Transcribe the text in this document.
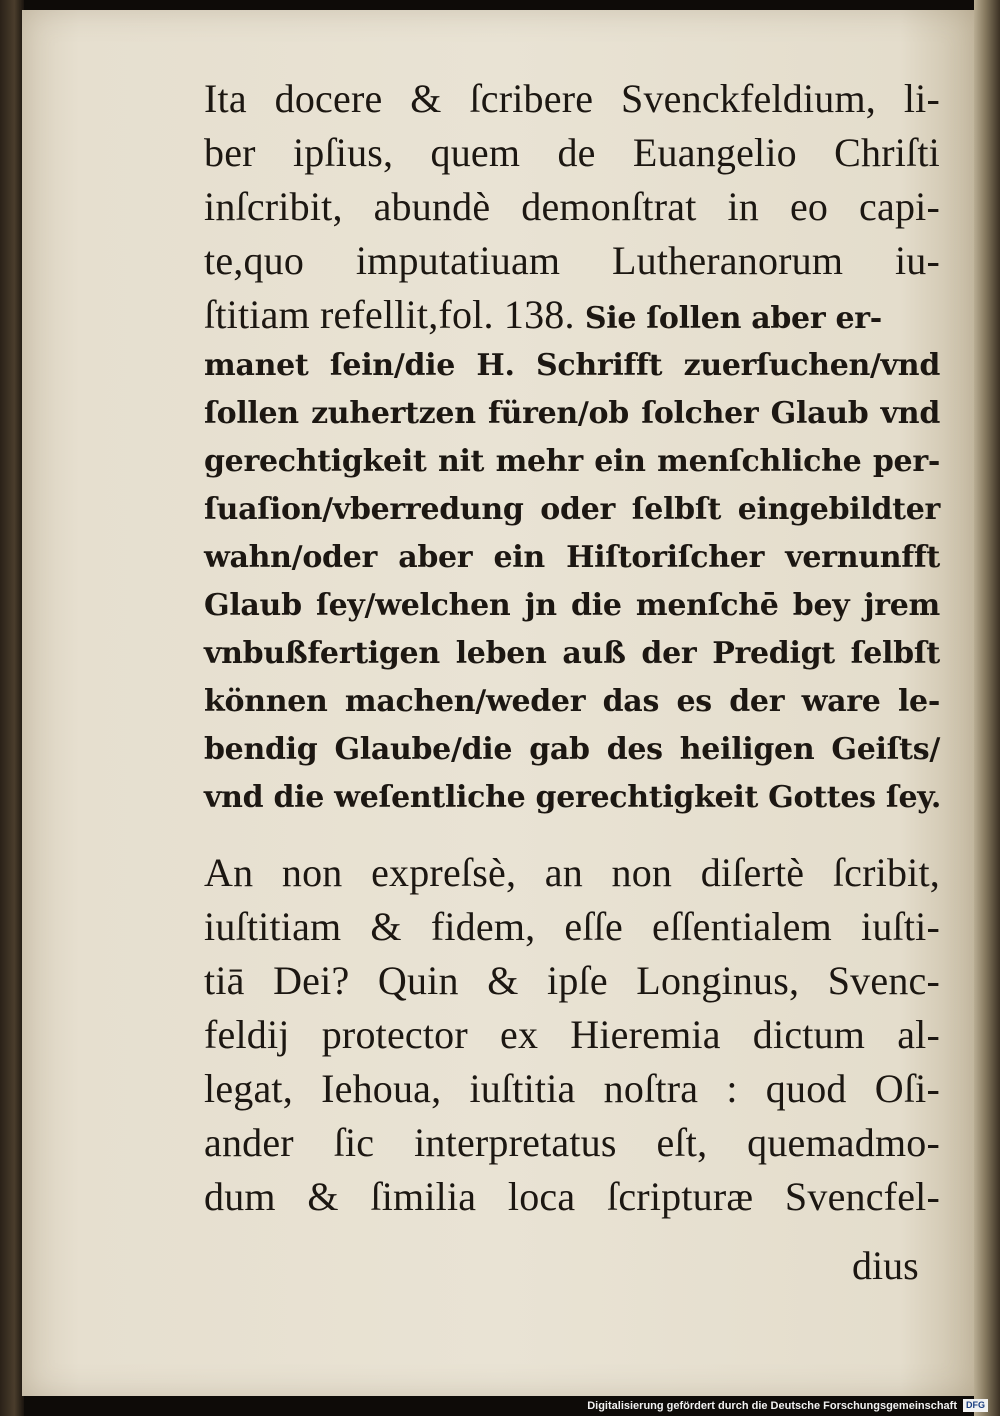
Ita docere & ſcribere Svenckfeldium, li-
ber ipſius, quem de Euangelio Chriſti
inſcribit, abundè demonſtrat in eo capi-
te,quo imputatiuam Lutheranorum iu-
ſtitiam refellit,fol. 138. Sie ſollen aber er-
manet ſein/die H. Schrifft zuerſuchen/vnd
ſollen zuhertzen füren/ob ſolcher Glaub vnd
gerechtigkeit nit mehr ein menſchliche per-
ſuaſion/vberredung oder ſelbſt eingebildter
wahn/oder aber ein Hiſtoriſcher vernunfft
Glaub ſey/welchen jn die menſchē bey jrem
vnbußfertigen leben auß der Predigt ſelbſt
können machen/weder das es der ware le-
bendig Glaube/die gab des heiligen Geiſts/
vnd die weſentliche gerechtigkeit Gottes ſey.
An non expreſsè, an non diſertè ſcribit,
iuſtitiam & fidem, eſſe eſſentialem iuſti-
tiā Dei? Quin & ipſe Longinus, Svenc-
feldij protector ex Hieremia dictum al-
legat, Iehoua, iuſtitia noſtra : quod Oſi-
ander ſic interpretatus eſt, quemadmo-
dum & ſimilia loca ſcripturæ Svencfel-
dius
Digitalisierung gefördert durch die Deutsche Forschungsgemeinschaft	DFG
